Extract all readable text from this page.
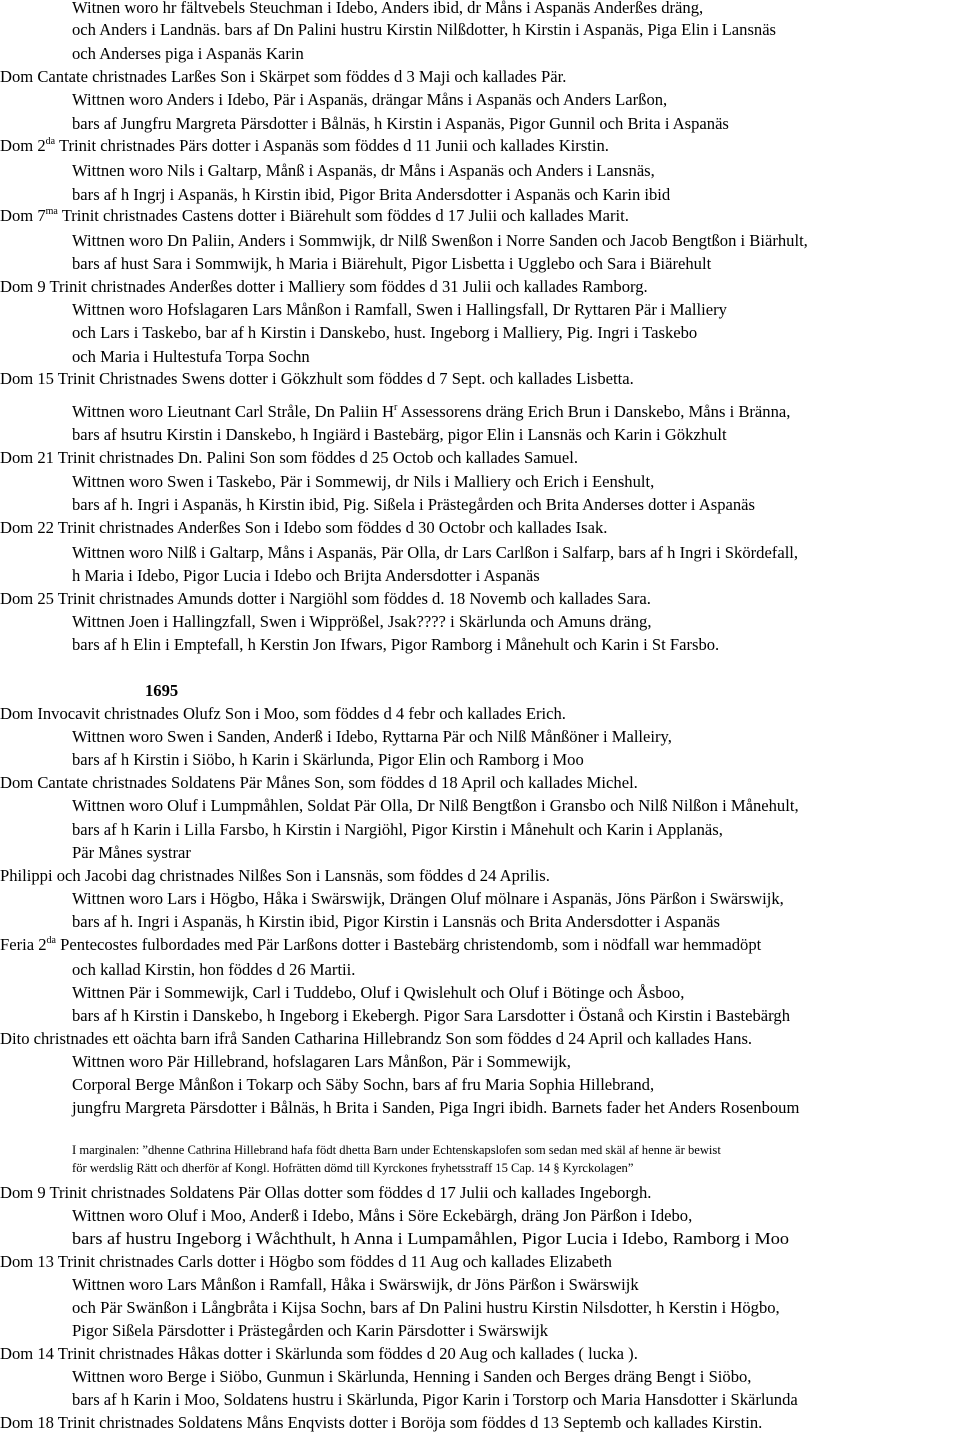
Witnen woro hr fältvebels Steuchman i Idebo, Anders ibid, dr Måns i Aspanäs Anderßes dräng,

och Anders i Landnäs. bars af Dn Palini hustru Kirstin Nilßdotter, h Kirstin i Aspanäs, Piga Elin i Lansnäs

och Anderses piga i Aspanäs Karin

Dom Cantate christnades Larßes Son i Skärpet som föddes d 3 Maji och kallades Pär.

Wittnen woro Anders i Idebo, Pär i Aspanäs, drängar Måns i Aspanäs och Anders Larßon,

bars af Jungfru Margreta Pärsdotter i Bålnäs, h Kirstin i Aspanäs, Pigor Gunnil och Brita i Aspanäs

Dom $2^{da}$ Trinit christnades Pärs dotter i Aspanäs som föddes d 11 Junii och kallades Kirstin.

Wittnen woro Nils i Galtarp, Månß i Aspanäs, dr Måns i Aspanäs och Anders i Lansnäs,

bars af h Ingrj i Aspanäs, h Kirstin ibid, Pigor Brita Andersdotter i Aspanäs och Karin ibid

Dom $7^{ma}$ Trinit christnades Castens dotter i Biärehult som föddes d 17 Julii och kallades Marit.

Wittnen woro Dn Paliin, Anders i Sommwijk, dr Nilß Swenßon i Norre Sanden och Jacob Bengtßon i Biärhult,

bars af hust Sara i Sommwijk, h Maria i Biärehult, Pigor Lisbetta i Ugglebo och Sara i Biärehult

Dom 9 Trinit christnades Anderßes dotter i Malliery som föddes d 31 Julii och kallades Ramborg.

Wittnen woro Hofslagaren Lars Månßon i Ramfall, Swen i Hallingsfall, Dr Ryttaren Pär i Malliery

och Lars i Taskebo, bar af h Kirstin i Danskebo, hust. Ingeborg i Malliery, Pig. Ingri i Taskebo

och Maria i Hultestufa Torpa Sochn

Dom 15 Trinit Christnades Swens dotter i Gökzhult som föddes d 7 Sept. och kallades Lisbetta.

Wittnen woro Lieutnant Carl Stråle, Dn Paliin $H^r$ Assessorens dräng Erich Brun i Danskebo, Måns i Bränna,

bars af hsutru Kirstin i Danskebo, h Ingiärd i Bastebärg, pigor Elin i Lansnäs och Karin i Gökzhult

Dom 21 Trinit christnades Dn. Palini Son som föddes d 25 Octob och kallades Samuel.

Wittnen woro Swen i Taskebo, Pär i Sommewij, dr Nils i Malliery och Erich i Eenshult,

bars af h. Ingri i Aspanäs, h Kirstin ibid, Pig. Sißela i Prästegården och Brita Anderses dotter i Aspanäs

Dom 22 Trinit christnades Anderßes Son i Idebo som föddes d 30 Octobr och kallades Isak.

Wittnen woro Nilß i Galtarp, Måns i Aspanäs, Pär Olla, dr Lars Carlßon i Salfarp, bars af h Ingri i Skördefall,

h Maria i Idebo, Pigor Lucia i Idebo och Brijta Andersdotter i Aspanäs

Dom 25 Trinit christnades Amunds dotter i Nargiöhl som föddes d. 18 Novemb och kallades Sara.

Wittnen Joen i Hallingzfall, Swen i Wipprößel, Jsak???? i Skärlunda och Amuns dräng,

bars af h Elin i Emptefall, h Kerstin Jon Ifwars, Pigor Ramborg i Månehult och Karin i St Farsbo.

1695

Dom Invocavit christnades Olufz Son i Moo, som föddes d 4 febr och kallades Erich.

Wittnen woro Swen i Sanden, Anderß i Idebo, Ryttarna Pär och Nilß Månßöner i Malleiry,

bars af h Kirstin i Siöbo, h Karin i Skärlunda, Pigor Elin och Ramborg i Moo

Dom Cantate christnades Soldatens Pär Månes Son, som föddes d 18 April och kallades Michel.

Wittnen woro Oluf i Lumpmåhlen, Soldat Pär Olla, Dr Nilß Bengtßon i Gransbo och Nilß Nilßon i Månehult,

bars af h Karin i Lilla Farsbo, h Kirstin i Nargiöhl, Pigor Kirstin i Månehult och Karin i Applanäs,

Pär Månes systrar

Philippi och Jacobi dag christnades Nilßes Son i Lansnäs, som föddes d 24 Aprilis.

Wittnen woro Lars i Högbo, Håka i Swärswijk, Drängen Oluf mölnare i Aspanäs, Jöns Pärßon i Swärswijk,

bars af h. Ingri i Aspanäs, h Kirstin ibid, Pigor Kirstin i Lansnäs och Brita Andersdotter i Aspanäs

Feria $2^{da}$ Pentecostes fulbordades med Pär Larßons dotter i Bastebärg christendomb, som i nödfall war hemmadöpt

och kallad Kirstin, hon föddes d 26 Martii.

Wittnen Pär i Sommewijk, Carl i Tuddebo, Oluf i Qwislehult och Oluf i Bötinge och Åsboo,

bars af h Kirstin i Danskebo, h Ingeborg i Ekebergh. Pigor Sara Larsdotter i Östanå och Kirstin i Bastebärgh

Dito christnades ett oächta barn ifrå Sanden Catharina Hillebrandz Son som föddes d 24 April och kallades Hans.

Wittnen woro Pär Hillebrand, hofslagaren Lars Månßon, Pär i Sommewijk,

Corporal Berge Månßon i Tokarp och Säby Sochn, bars af fru Maria Sophia Hillebrand,

jungfru Margreta Pärsdotter i Bålnäs, h Brita i Sanden, Piga Ingri ibidh. Barnets fader het Anders Rosenboum

I marginalen: ”dhenne Cathrina Hillebrand hafa födt dhetta Barn under Echtenskapslofen som sedan med skäl af henne är bewist

för werdslig Rätt och dherför af Kongl. Hofrätten dömd till Kyrckones fryhetsstraff 15 Cap. 14 § Kyrckolagen”

Dom 9 Trinit christnades Soldatens Pär Ollas dotter som föddes d 17 Julii och kallades Ingeborgh.

Wittnen woro Oluf i Moo, Anderß i Idebo, Måns i Söre Eckebärgh, dräng Jon Pärßon i Idebo,

bars af hustru Ingeborg i Wåchthult, h Anna i Lumpamåhlen, Pigor Lucia i Idebo, Ramborg i Moo

Dom 13 Trinit christnades Carls dotter i Högbo som föddes d 11 Aug och kallades Elizabeth

Wittnen woro Lars Månßon i Ramfall, Håka i Swärswijk, dr Jöns Pärßon i Swärswijk

och Pär Swänßon i Långbråta i Kijsa Sochn, bars af Dn Palini hustru Kirstin Nilsdotter, h Kerstin i Högbo,

Pigor Sißela Pärsdotter i Prästegården och Karin Pärsdotter i Swärswijk

Dom 14 Trinit christnades Håkas dotter i Skärlunda som föddes d 20 Aug och kallades ( lucka ).

Wittnen woro Berge i Siöbo, Gunmun i Skärlunda, Henning i Sanden och Berges dräng Bengt i Siöbo,

bars af h Karin i Moo, Soldatens hustru i Skärlunda, Pigor Karin i Torstorp och Maria Hansdotter i Skärlunda

Dom 18 Trinit christnades Soldatens Måns Enqvists dotter i Boröja som föddes d 13 Septemb och kallades Kirstin.
